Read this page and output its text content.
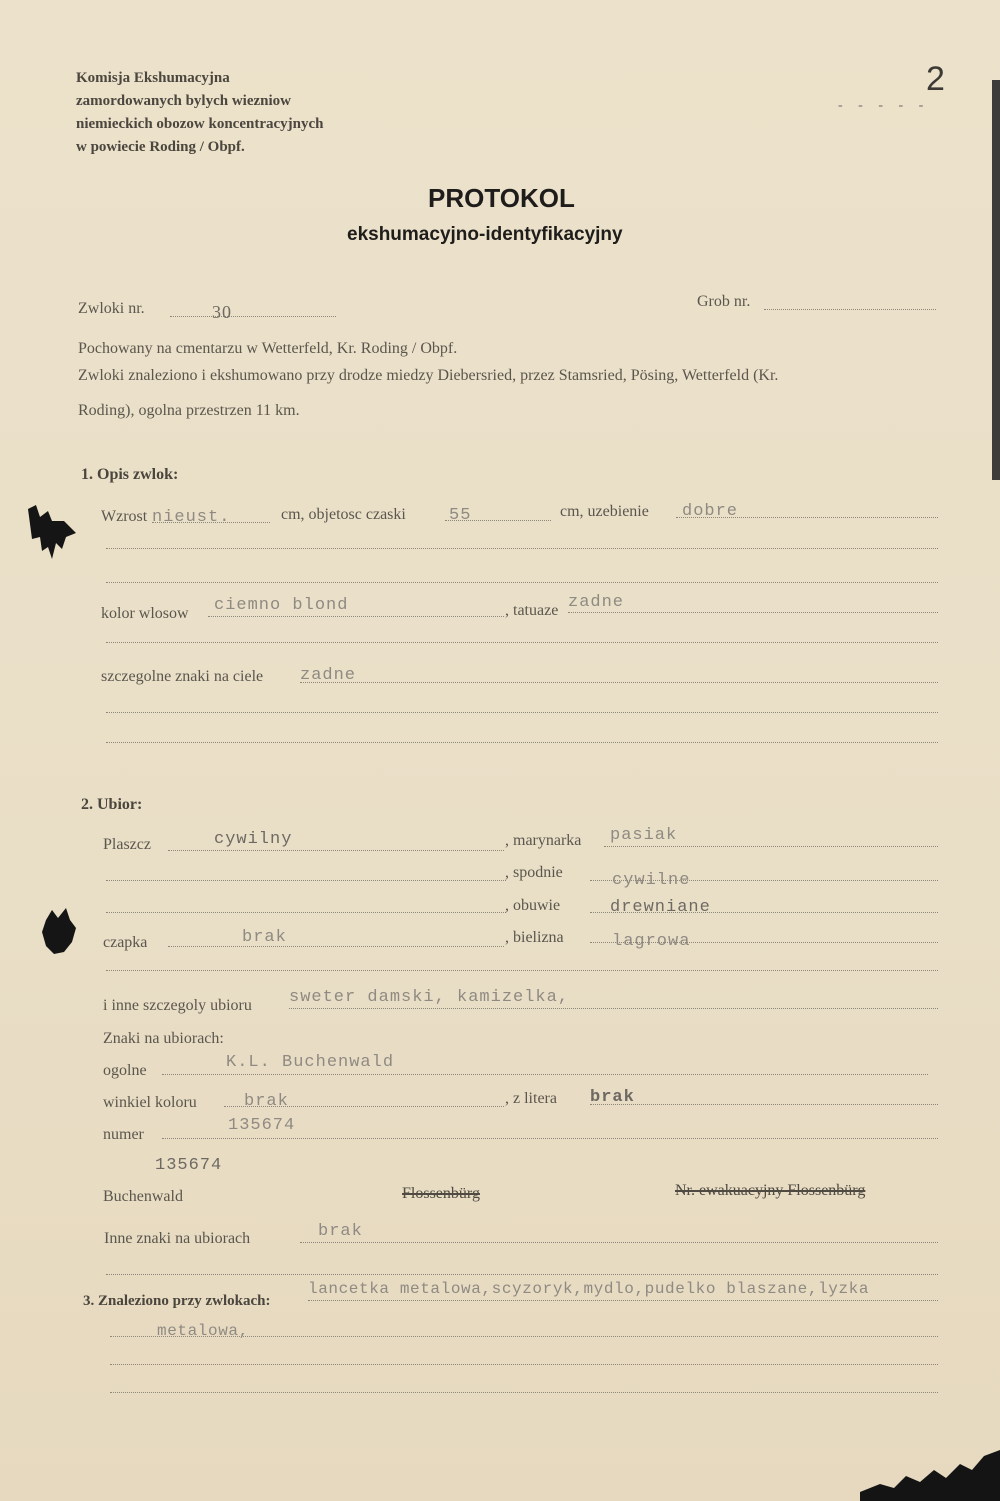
Komisja Ekshumacyjna
zamordowanych bylych wiezniow
niemieckich obozow koncentracyjnych
w powiecie Roding / Obpf.
2
- - - - -
PROTOKOL
ekshumacyjno-identyfikacyjny
Zwloki nr.	30
Grob nr.
Pochowany na cmentarzu w Wetterfeld, Kr. Roding / Obpf.
Zwloki znaleziono i ekshumowano przy drodze miedzy Diebersried, przez Stamsried, Pösing, Wetterfeld (Kr.
Roding), ogolna przestrzen 11 km.
1. Opis zwlok:
Wzrost nieust.	cm, objetosc czaski	55	cm, uzebienie dobre
kolor wlosow ciemno blond	, tatuaze zadne
szczegolne znaki na ciele zadne
2. Ubior:
Plaszcz	cywilny	, marynarka pasiak
, spodnie	cywilne
, obuwie	drewniane
czapka	brak	, bielizna	lagrowa
i inne szczegoly ubioru sweter damski, kamizelka,
Znaki na ubiorach:
ogolne	K.L. Buchenwald
winkiel koloru	brak	, z litera brak
numer	135674
135674
Buchenwald	Flossenbürg	Nr. ewakuacyjny Flossenbürg
Inne znaki na ubiorach	brak
3. Znaleziono przy zwlokach:
lancetka metalowa,scyzoryk,mydlo,pudelko blaszane,lyzka
metalowa,
